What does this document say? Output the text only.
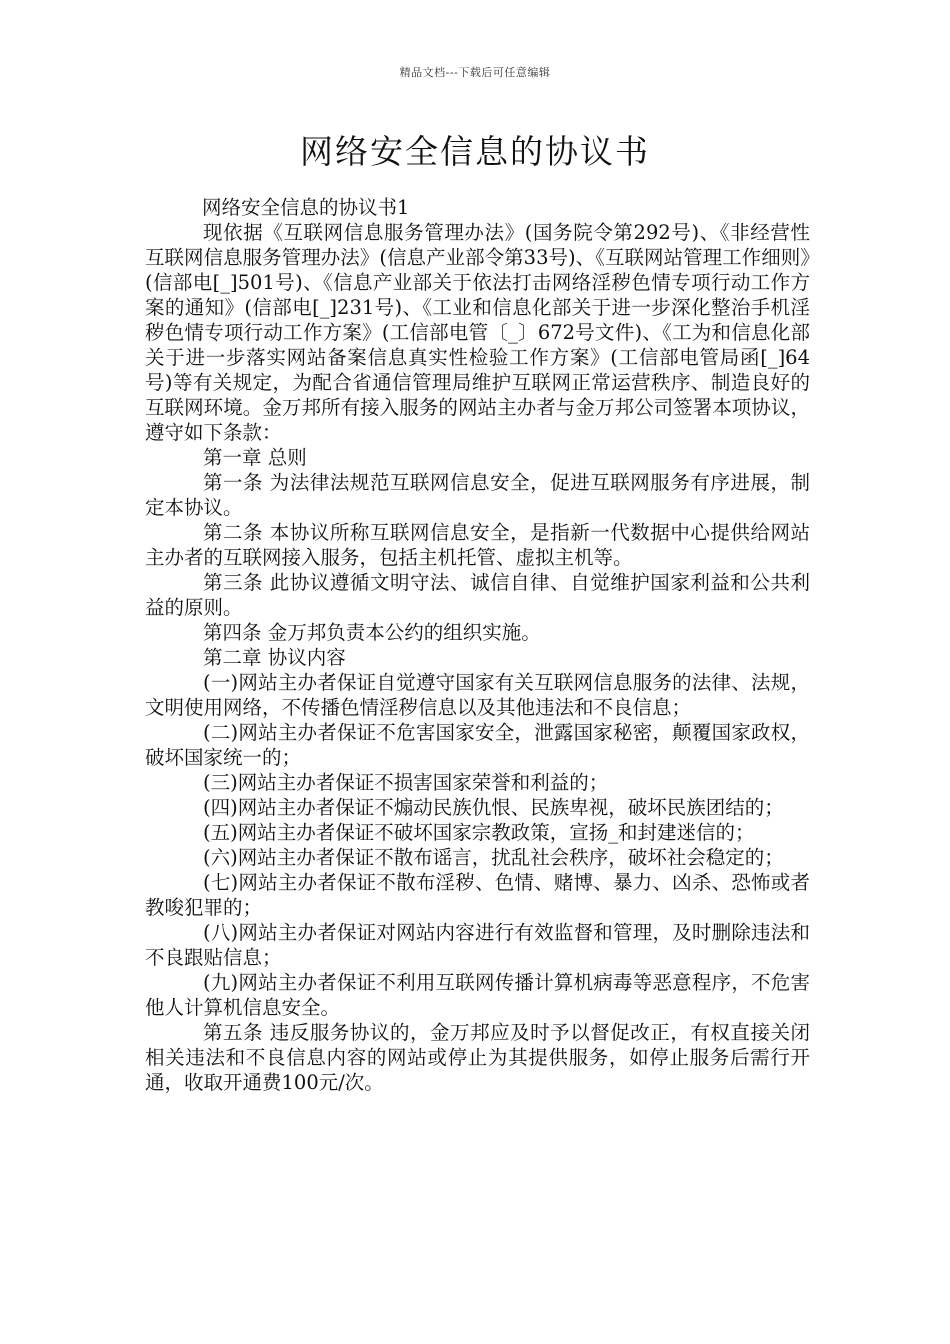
精品文档---下载后可任意编辑
网络安全信息的协议书

网络安全信息的协议书1

现依据《互联网信息服务管理办法》(国务院令第292号)、《非经营性互联网信息服务管理办法》(信息产业部令第33号)、《互联网站管理工作细则》(信部电[_]501号)、《信息产业部关于依法打击网络淫秽色情专项行动工作方案的通知》(信部电[_]231号)、《工业和信息化部关于进一步深化整治手机淫秽色情专项行动工作方案》(工信部电管〔_〕672号文件)、《工为和信息化部关于进一步落实网站备案信息真实性检验工作方案》(工信部电管局函[_]64号)等有关规定，为配合省通信管理局维护互联网正常运营秩序、制造良好的互联网环境。金万邦所有接入服务的网站主办者与金万邦公司签署本项协议，遵守如下条款：

第一章 总则

第一条 为法律法规范互联网信息安全，促进互联网服务有序进展，制定本协议。

第二条 本协议所称互联网信息安全，是指新一代数据中心提供给网站主办者的互联网接入服务，包括主机托管、虚拟主机等。

第三条 此协议遵循文明守法、诚信自律、自觉维护国家利益和公共利益的原则。

第四条 金万邦负责本公约的组织实施。

第二章 协议内容

(一)网站主办者保证自觉遵守国家有关互联网信息服务的法律、法规，文明使用网络，不传播色情淫秽信息以及其他违法和不良信息；

(二)网站主办者保证不危害国家安全，泄露国家秘密，颠覆国家政权，破坏国家统一的；

(三)网站主办者保证不损害国家荣誉和利益的；

(四)网站主办者保证不煽动民族仇恨、民族卑视，破坏民族团结的；

(五)网站主办者保证不破坏国家宗教政策，宣扬_和封建迷信的；

(六)网站主办者保证不散布谣言，扰乱社会秩序，破坏社会稳定的；

(七)网站主办者保证不散布淫秽、色情、赌博、暴力、凶杀、恐怖或者教唆犯罪的；

(八)网站主办者保证对网站内容进行有效监督和管理，及时删除违法和不良跟贴信息；

(九)网站主办者保证不利用互联网传播计算机病毒等恶意程序，不危害他人计算机信息安全。

第五条 违反服务协议的，金万邦应及时予以督促改正，有权直接关闭相关违法和不良信息内容的网站或停止为其提供服务，如停止服务后需行开通，收取开通费100元/次。
